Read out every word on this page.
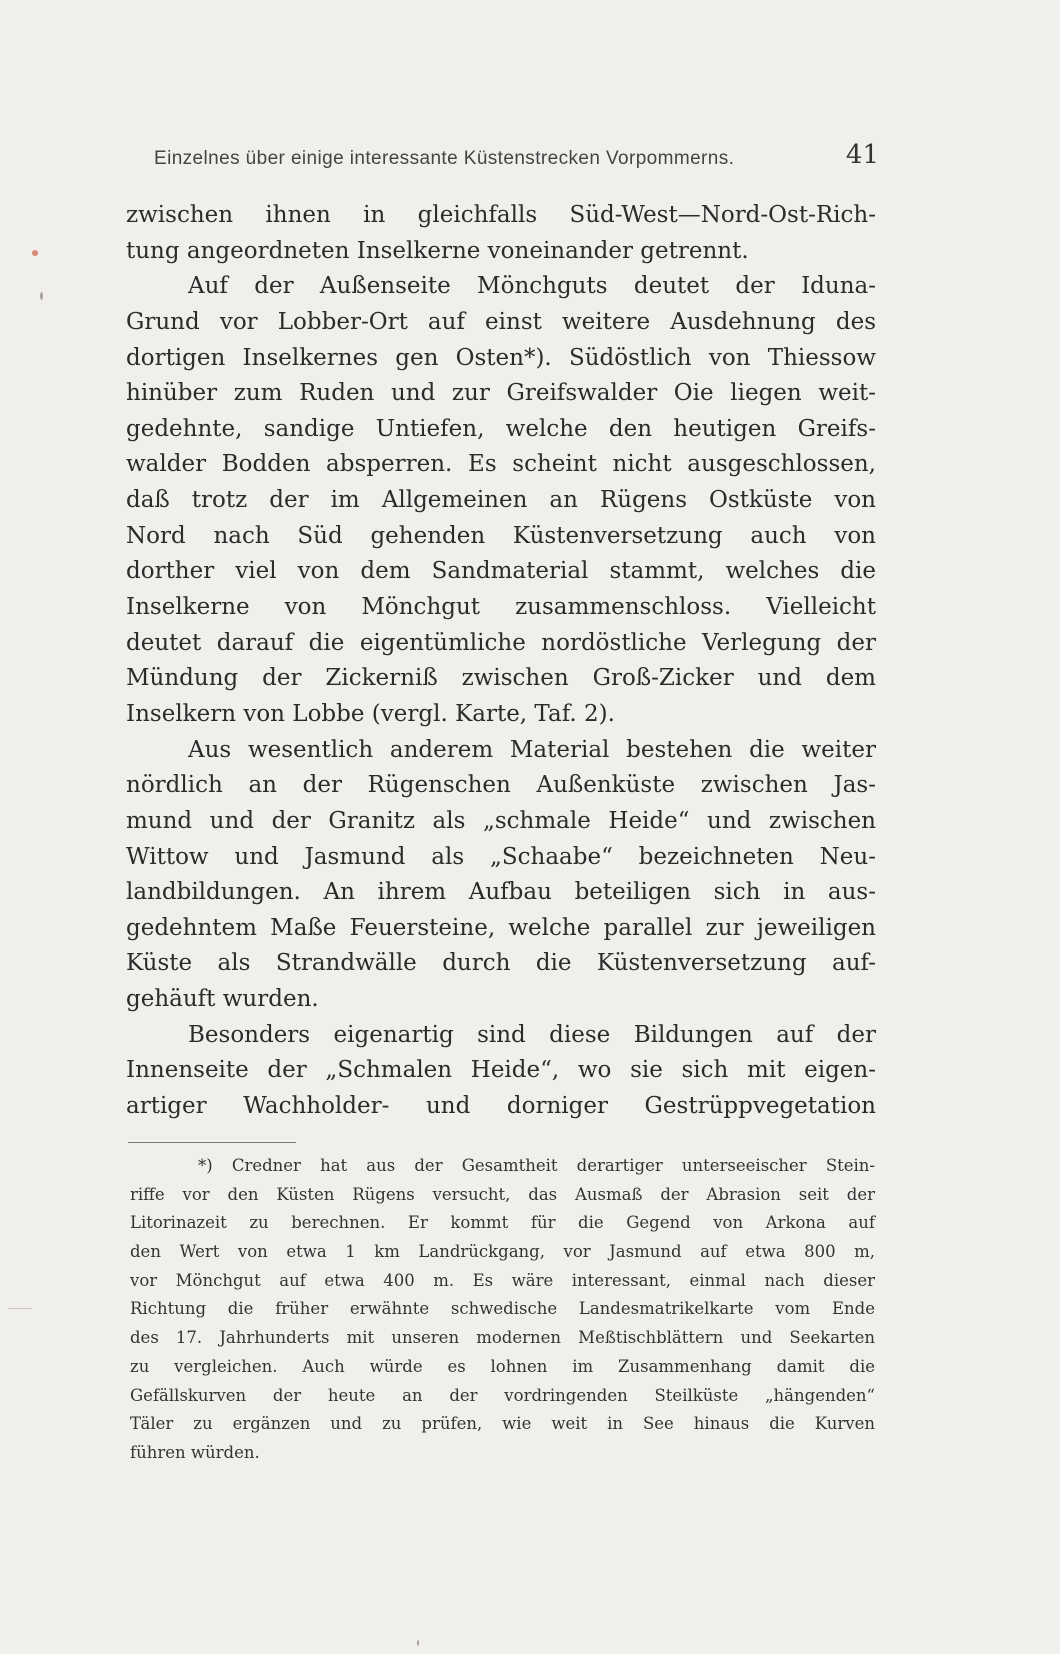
Einzelnes über einige interessante Küstenstrecken Vorpommerns.	41
zwischen ihnen in gleichfalls Süd-West—Nord-Ost-Rich-
tung angeordneten Inselkerne voneinander getrennt.
Auf der Außenseite Mönchguts deutet der Iduna-
Grund vor Lobber-Ort auf einst weitere Ausdehnung des
dortigen Inselkernes gen Osten*). Südöstlich von Thiessow
hinüber zum Ruden und zur Greifswalder Oie liegen weit-
gedehnte, sandige Untiefen, welche den heutigen Greifs-
walder Bodden absperren. Es scheint nicht ausgeschlossen,
daß trotz der im Allgemeinen an Rügens Ostküste von
Nord nach Süd gehenden Küstenversetzung auch von
dorther viel von dem Sandmaterial stammt, welches die
Inselkerne von Mönchgut zusammenschloss. Vielleicht
deutet darauf die eigentümliche nordöstliche Verlegung der
Mündung der Zickerniß zwischen Groß-Zicker und dem
Inselkern von Lobbe (vergl. Karte, Taf. 2).
Aus wesentlich anderem Material bestehen die weiter
nördlich an der Rügenschen Außenküste zwischen Jas-
mund und der Granitz als „schmale Heide“ und zwischen
Wittow und Jasmund als „Schaabe“ bezeichneten Neu-
landbildungen. An ihrem Aufbau beteiligen sich in aus-
gedehntem Maße Feuersteine, welche parallel zur jeweiligen
Küste als Strandwälle durch die Küstenversetzung auf-
gehäuft wurden.
Besonders eigenartig sind diese Bildungen auf der
Innenseite der „Schmalen Heide“, wo sie sich mit eigen-
artiger Wachholder- und dorniger Gestrüppvegetation
*) Credner hat aus der Gesamtheit derartiger unterseeischer Stein-
riffe vor den Küsten Rügens versucht, das Ausmaß der Abrasion seit der
Litorinazeit zu berechnen. Er kommt für die Gegend von Arkona auf
den Wert von etwa 1 km Landrückgang, vor Jasmund auf etwa 800 m,
vor Mönchgut auf etwa 400 m. Es wäre interessant, einmal nach dieser
Richtung die früher erwähnte schwedische Landesmatrikelkarte vom Ende
des 17. Jahrhunderts mit unseren modernen Meßtischblättern und Seekarten
zu vergleichen. Auch würde es lohnen im Zusammenhang damit die
Gefällskurven der heute an der vordringenden Steilküste „hängenden“
Täler zu ergänzen und zu prüfen, wie weit in See hinaus die Kurven
führen würden.
